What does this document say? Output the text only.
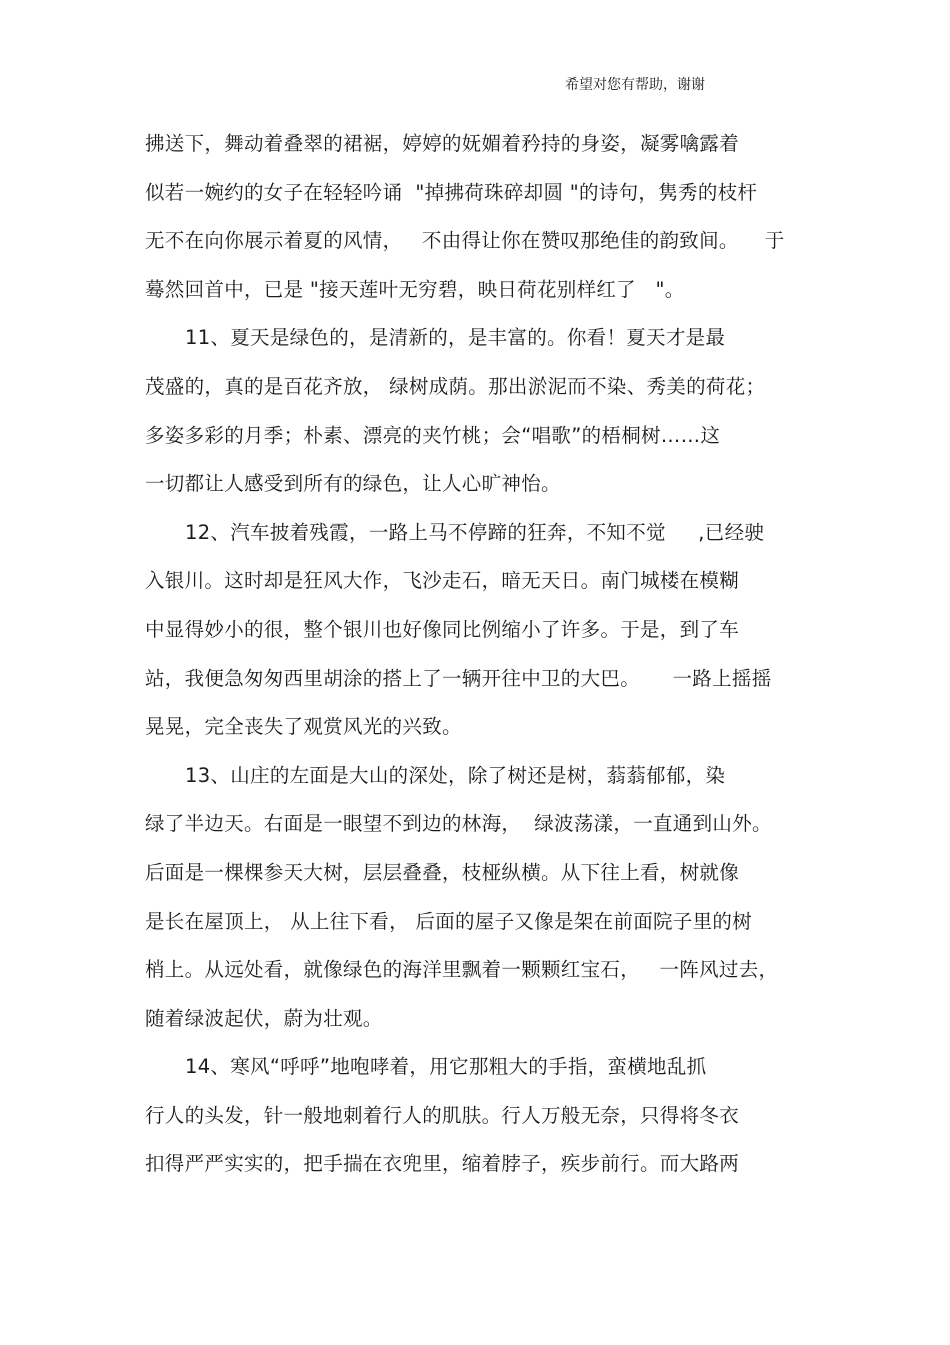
希望对您有帮助，谢谢
拂送下，舞动着叠翠的裙裾，婷婷的妩媚着矜持的身姿，凝雾噙露着
似若一婉约的女子在轻轻吟诵  "掉拂荷珠碎却圆 "的诗句，隽秀的枝杆
无不在向你展示着夏的风情，   不由得让你在赞叹那绝佳的韵致间。    于
蓦然回首中，已是 "接天莲叶无穷碧，映日荷花别样红了   "。
11、夏天是绿色的，是清新的，是丰富的。你看！夏天才是最
茂盛的，真的是百花齐放， 绿树成荫。那出淤泥而不染、秀美的荷花；
多姿多彩的月季；朴素、漂亮的夹竹桃；会“唱歌”的梧桐树……这
一切都让人感受到所有的绿色，让人心旷神怡。
12、汽车披着残霞，一路上马不停蹄的狂奔，不知不觉     ,已经驶
入银川。这时却是狂风大作，飞沙走石，暗无天日。南门城楼在模糊
中显得妙小的很，整个银川也好像同比例缩小了许多。于是，到了车
站，我便急匆匆西里胡涂的搭上了一辆开往中卫的大巴。     一路上摇摇
晃晃，完全丧失了观赏风光的兴致。
13、山庄的左面是大山的深处，除了树还是树，蓊蓊郁郁，染
绿了半边天。右面是一眼望不到边的林海，  绿波荡漾，一直通到山外。
后面是一棵棵参天大树，层层叠叠，枝桠纵横。从下往上看，树就像
是长在屋顶上， 从上往下看， 后面的屋子又像是架在前面院子里的树
梢上。从远处看，就像绿色的海洋里飘着一颗颗红宝石，   一阵风过去，
随着绿波起伏，蔚为壮观。
14、寒风“呼呼”地咆哮着，用它那粗大的手指，蛮横地乱抓
行人的头发，针一般地刺着行人的肌肤。行人万般无奈，只得将冬衣
扣得严严实实的，把手揣在衣兜里，缩着脖子，疾步前行。而大路两
